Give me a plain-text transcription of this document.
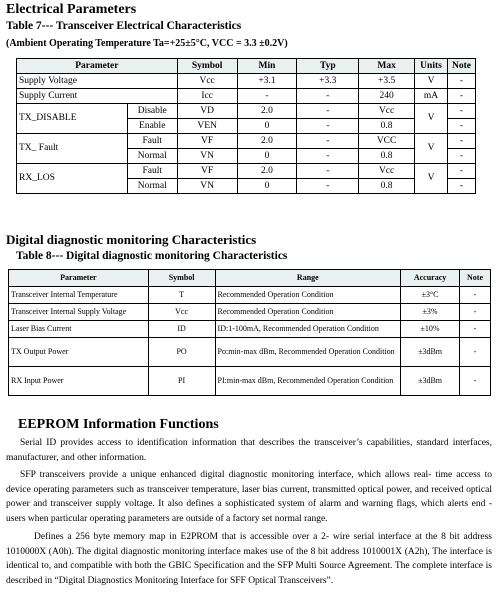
Electrical Parameters
Table 7--- Transceiver Electrical Characteristics
(Ambient Operating Temperature Ta=+25±5°C, VCC = 3.3 ±0.2V)
Parameter		Symbol	Min	Typ	Max	Units	Note
Supply Voltage		Vcc	+3.1	+3.3	+3.5	V	-
Supply Current		Icc	-	-	240	mA	-
TX_DISABLE	Disable	VD	2.0	-	Vcc	V	-
	Enable	VEN	0	-	0.8		-
TX_ Fault	Fault	VF	2.0	-	VCC	V	-
	Normal	VN	0	-	0.8		-
RX_LOS	Fault	VF	2.0	-	Vcc	V	-
	Normal	VN	0	-	0.8		-
Digital diagnostic monitoring Characteristics
Table 8--- Digital diagnostic monitoring Characteristics
Parameter	Symbol	Range	Accuracy	Note
Transceiver Internal Temperature	T	Recommended Operation Condition	±3°C	-
Transceiver Internal Supply Voltage	Vcc	Recommended Operation Condition	±3%	-
Laser Bias Current	ID	ID:1-100mA, Recommended Operation Condition	±10%	-
TX Output Power	PO	Po:min-max dBm, Recommended Operation Condition	±3dBm	-
RX Input Power	PI	PI:min-max dBm, Recommended Operation Condition	±3dBm	-
EEPROM Information Functions
Serial ID provides access to identification information that describes the transceiver’s capabilities, standard interfaces, manufacturer, and other information.
SFP transceivers provide a unique enhanced digital diagnostic monitoring interface, which allows real- time access to device operating parameters such as transceiver temperature, laser bias current, transmitted optical power, and received optical power and transceiver supply voltage. It also defines a sophisticated system of alarm and warning flags, which alerts end - users when particular operating parameters are outside of a factory set normal range.
Defines a 256 byte memory map in E2PROM that is accessible over a 2- wire serial interface at the 8 bit address 1010000X (A0h). The digital diagnostic monitoring interface makes use of the 8 bit address 1010001X (A2h), The interface is identical to, and compatible with both the GBIC Specification and the SFP Multi Source Agreement. The complete interface is described in “Digital Diagnostics Monitoring Interface for SFF Optical Transceivers”.
